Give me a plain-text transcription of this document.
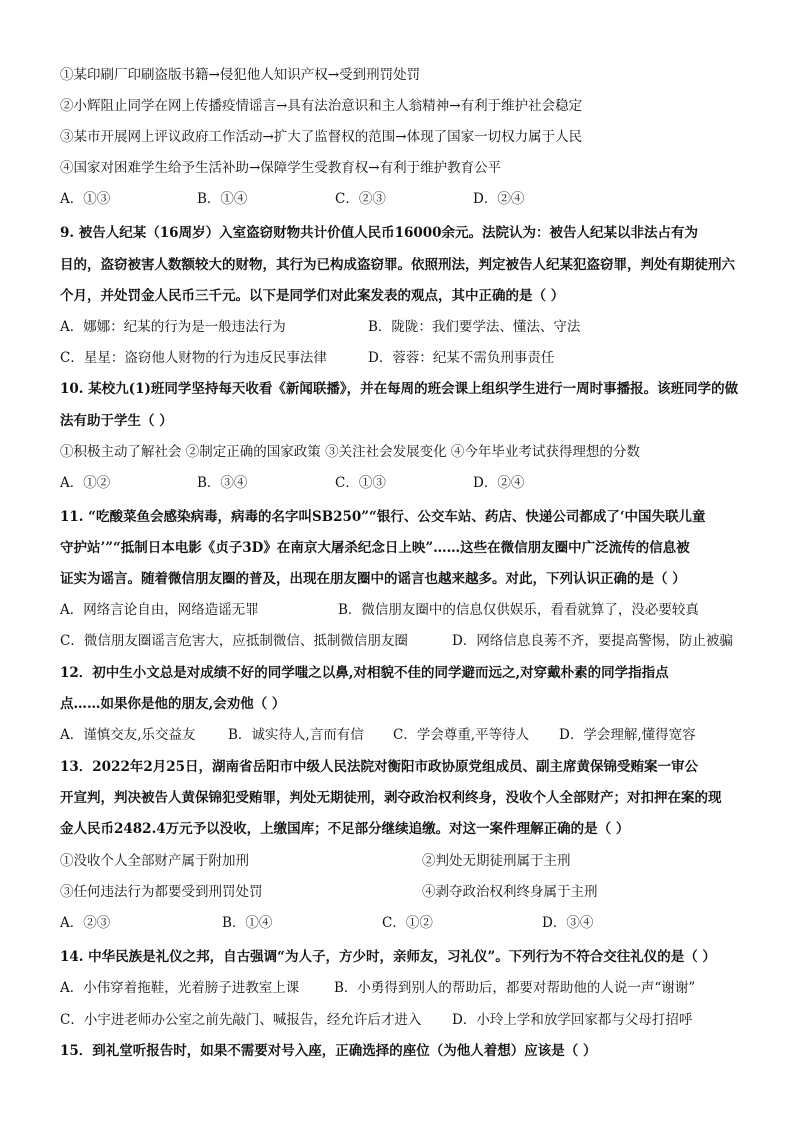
①某印刷厂印刷盗版书籍→侵犯他人知识产权→受到刑罚处罚
②小辉阻止同学在网上传播疫情谣言→具有法治意识和主人翁精神→有利于维护社会稳定
③某市开展网上评议政府工作活动→扩大了监督权的范围→体现了国家一切权力属于人民
④国家对困难学生给予生活补助→保障学生受教育权→有利于维护教育公平
A．①③	B．①④	C．②③	D．②④
9. 被告人纪某（16周岁）入室盗窃财物共计价值人民币16000余元。法院认为：被告人纪某以非法占有为
目的，盗窃被害人数额较大的财物，其行为已构成盗窃罪。依照刑法，判定被告人纪某犯盗窃罪，判处有期徒刑六
个月，并处罚金人民币三千元。以下是同学们对此案发表的观点，其中正确的是（ ）
A．娜娜：纪某的行为是一般违法行为	B．陇陇：我们要学法、懂法、守法
C．星星：盗窃他人财物的行为违反民事法律	D．蓉蓉：纪某不需负刑事责任
10. 某校九(1)班同学坚持每天收看《新闻联播》，并在每周的班会课上组织学生进行一周时事播报。该班同学的做
法有助于学生（ ）
①积极主动了解社会 ②制定正确的国家政策 ③关注社会发展变化 ④今年毕业考试获得理想的分数
A．①②	B．③④	C．①③	D．②④
11. “吃酸菜鱼会感染病毒，病毒的名字叫SB250”“银行、公交车站、药店、快递公司都成了‘中国失联儿童
守护站’”“抵制日本电影《贞子3D》在南京大屠杀纪念日上映”……这些在微信朋友圈中广泛流传的信息被
证实为谣言。随着微信朋友圈的普及，出现在朋友圈中的谣言也越来越多。对此，下列认识正确的是（ ）
A．网络言论自由，网络造谣无罪	B．微信朋友圈中的信息仅供娱乐，看看就算了，没必要较真
C．微信朋友圈谣言危害大，应抵制微信、抵制微信朋友圈	D．网络信息良莠不齐，要提高警惕，防止被骗
12．初中生小文总是对成绩不好的同学嗤之以鼻,对相貌不佳的同学避而远之,对穿戴朴素的同学指指点
点……如果你是他的朋友,会劝他（ ）
A．谨慎交友,乐交益友 B．诚实待人,言而有信 C．学会尊重,平等待人 D．学会理解,懂得宽容
13．2022年2月25日，湖南省岳阳市中级人民法院对衡阳市政协原党组成员、副主席黄保锦受贿案一审公
开宣判，判决被告人黄保锦犯受贿罪，判处无期徒刑，剥夺政治权利终身，没收个人全部财产；对扣押在案的现
金人民币2482.4万元予以没收，上缴国库；不足部分继续追缴。对这一案件理解正确的是（ ）
①没收个人全部财产属于附加刑	②判处无期徒刑属于主刑
③任何违法行为都要受到刑罚处罚	④剥夺政治权利终身属于主刑
A．②③	B．①④	C．①②	D．③④
14. 中华民族是礼仪之邦，自古强调“为人子，方少时，亲师友，习礼仪”。下列行为不符合交往礼仪的是（ ）
A．小伟穿着拖鞋，光着膀子进教室上课	B．小勇得到别人的帮助后，都要对帮助他的人说一声“谢谢”
C．小宇进老师办公室之前先敲门、喊报告，经允许后才进入 D．小玲上学和放学回家都与父母打招呼
15．到礼堂听报告时，如果不需要对号入座，正确选择的座位（为他人着想）应该是（ ）
